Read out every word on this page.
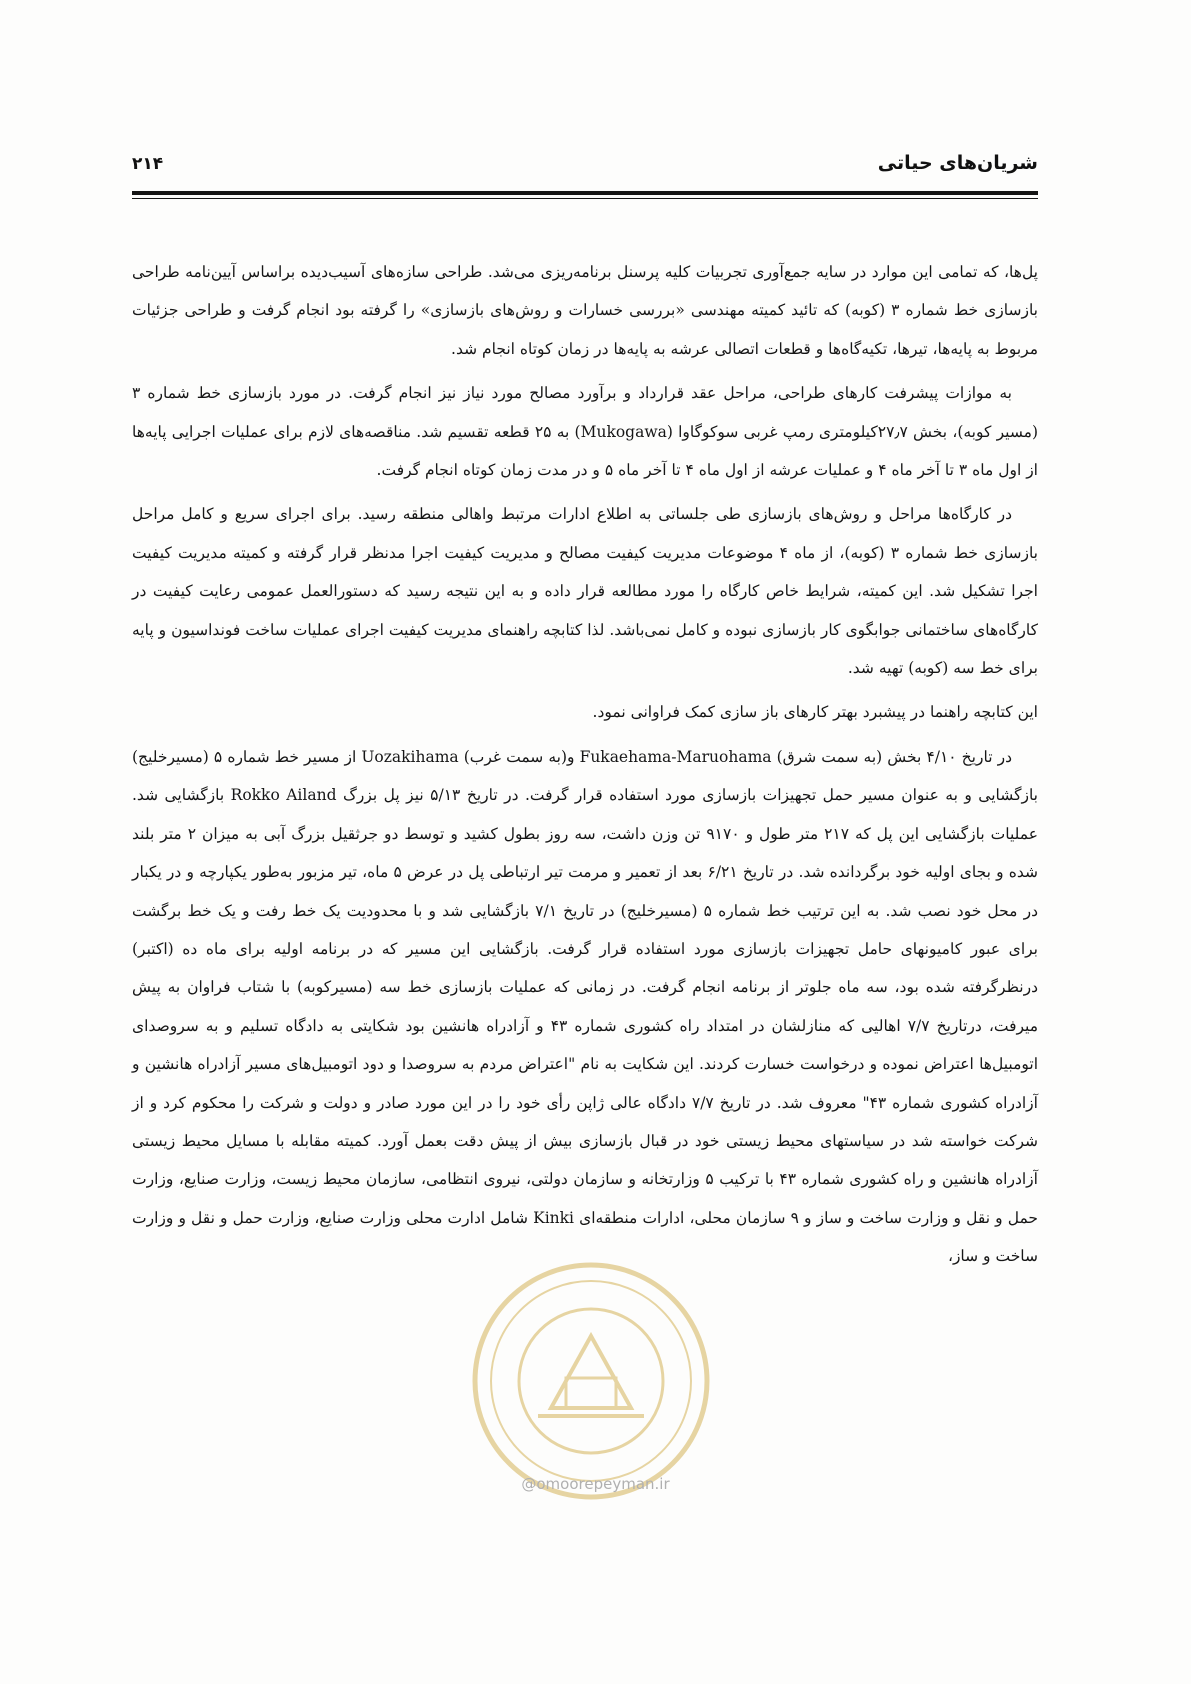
شریان‌های حیاتی
۲۱۴

پل‌ها، که تمامی این موارد در سایه جمع‌آوری تجربیات کلیه پرسنل برنامه‌ریزی می‌شد. طراحی سازه‌های آسیب‌دیده براساس آیین‌نامه طراحی بازسازی خط شماره ۳ (کوبه) که تائید کمیته مهندسی «بررسی خسارات و روش‌های بازسازی» را گرفته بود انجام گرفت و طراحی جزئیات مربوط به پایه‌ها، تیرها، تکیه‌گاه‌ها و قطعات اتصالی عرشه به پایه‌ها در زمان کوتاه انجام شد.

به موازات پیشرفت کارهای طراحی، مراحل عقد قرارداد و برآورد مصالح مورد نیاز نیز انجام گرفت. در مورد بازسازی خط شماره ۳ (مسیر کوبه)، بخش ۲۷٫۷کیلومتری رمپ غربی سوکوگاوا (Mukogawa) به ۲۵ قطعه تقسیم شد. مناقصه‌های لازم برای عملیات اجرایی پایه‌ها از اول ماه ۳ تا آخر ماه ۴ و عملیات عرشه از اول ماه ۴ تا آخر ماه ۵ و در مدت زمان کوتاه انجام گرفت.

در کارگاه‌ها مراحل و روش‌های بازسازی طی جلساتی به اطلاع ادارات مرتبط واهالی منطقه رسید. برای اجرای سریع و کامل مراحل بازسازی خط شماره ۳ (کوبه)، از ماه ۴ موضوعات مدیریت کیفیت مصالح و مدیریت کیفیت اجرا مدنظر قرار گرفته و کمیته مدیریت کیفیت اجرا تشکیل شد. این کمیته، شرایط خاص کارگاه را مورد مطالعه قرار داده و به این نتیجه رسید که دستورالعمل عمومی رعایت کیفیت در کارگاه‌های ساختمانی جوابگوی کار بازسازی نبوده و کامل نمی‌باشد. لذا کتابچه راهنمای مدیریت کیفیت اجرای عملیات ساخت فونداسیون و پایه برای خط سه (کوبه) تهیه شد.

این کتابچه راهنما در پیشبرد بهتر کارهای باز سازی کمک فراوانی نمود.

در تاریخ ۴/۱۰ بخش (به سمت شرق) Fukaehama-Maruohama و(به سمت غرب) Uozakihama از مسیر خط شماره ۵ (مسیرخلیج) بازگشایی و به عنوان مسیر حمل تجهیزات بازسازی مورد استفاده قرار گرفت. در تاریخ ۵/۱۳ نیز پل بزرگ Rokko Ailand بازگشایی شد. عملیات بازگشایی این پل که ۲۱۷ متر طول و ۹۱۷۰ تن وزن داشت، سه روز بطول کشید و توسط دو جرثقیل بزرگ آبی به میزان ۲ متر بلند شده و بجای اولیه خود برگردانده شد. در تاریخ ۶/۲۱ بعد از تعمیر و مرمت تیر ارتباطی پل در عرض ۵ ماه، تیر مزبور به‌طور یکپارچه و در یکبار در محل خود نصب شد. به این ترتیب خط شماره ۵ (مسیرخلیج) در تاریخ ۷/۱ بازگشایی شد و با محدودیت یک خط رفت و یک خط برگشت برای عبور کامیونهای حامل تجهیزات بازسازی مورد استفاده قرار گرفت. بازگشایی این مسیر که در برنامه اولیه برای ماه ده (اکتبر) درنظرگرفته شده بود، سه ماه جلوتر از برنامه انجام گرفت. در زمانی که عملیات بازسازی خط سه (مسیرکوبه) با شتاب فراوان به پیش میرفت، درتاریخ ۷/۷ اهالیی که منازلشان در امتداد راه کشوری شماره ۴۳ و آزادراه هانشین بود شکایتی به دادگاه تسلیم و به سروصدای اتومبیل‌ها اعتراض نموده و درخواست خسارت کردند. این شکایت به نام "اعتراض مردم به سروصدا و دود اتومبیل‌های مسیر آزادراه هانشین و آزادراه کشوری شماره ۴۳" معروف شد. در تاریخ ۷/۷ دادگاه عالی ژاپن رأی خود را در این مورد صادر و دولت و شرکت را محکوم کرد و از شرکت خواسته شد در سیاستهای محیط زیستی خود در قبال بازسازی بیش از پیش دقت بعمل آورد. کمیته مقابله با مسایل محیط زیستی آزادراه هانشین و راه کشوری شماره ۴۳ با ترکیب ۵ وزارتخانه و سازمان دولتی، نیروی انتظامی، سازمان محیط زیست، وزارت صنایع، وزارت حمل و نقل و وزارت ساخت و ساز و ۹ سازمان محلی، ادارات منطقه‌ای Kinki شامل ادارت محلی وزارت صنایع، وزارت حمل و نقل و وزارت ساخت و ساز،

@omoorepeyman.ir
